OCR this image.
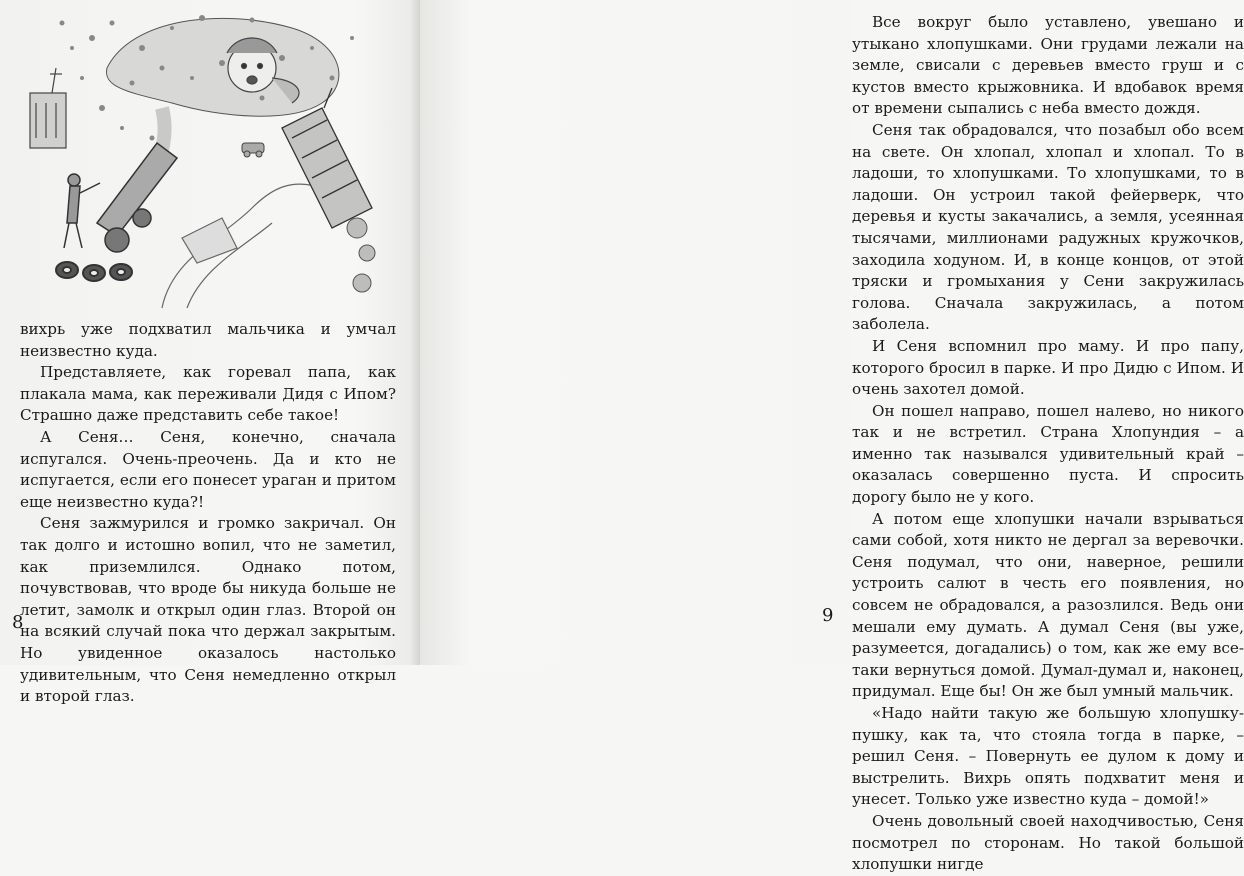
вихрь уже подхватил мальчика и умчал неизвестно куда.

Представляете, как горевал папа, как плакала мама, как переживали Дидя с Ипом? Страшно даже представить себе такое!

А Сеня… Сеня, конечно, сначала испугался. Очень-преочень. Да и кто не испугается, если его понесет ураган и притом еще неизвестно куда?!

Сеня зажмурился и громко закричал. Он так долго и истошно вопил, что не заметил, как приземлился. Однако потом, почувствовав, что вроде бы никуда больше не летит, замолк и открыл один глаз. Второй он на всякий случай пока что держал закрытым. Но увиденное оказалось настолько удивительным, что Сеня немедленно открыл и второй глаз.

8

Все вокруг было уставлено, увешано и утыкано хлопушками. Они грудами лежали на земле, свисали с деревьев вместо груш и с кустов вместо крыжовника. И вдобавок время от времени сыпались с неба вместо дождя.

Сеня так обрадовался, что позабыл обо всем на свете. Он хлопал, хлопал и хлопал. То в ладоши, то хлопушками. То хлопушками, то в ладоши. Он устроил такой фейерверк, что деревья и кусты закачались, а земля, усеянная тысячами, миллионами радужных кружочков, заходила ходуном. И, в конце концов, от этой тряски и громыхания у Сени закружилась голова. Сначала закружилась, а потом заболела.

И Сеня вспомнил про маму. И про папу, которого бросил в парке. И про Дидю с Ипом. И очень захотел домой.

Он пошел направо, пошел налево, но никого так и не встретил. Страна Хлопундия – а именно так назывался удивительный край – оказалась совершенно пуста. И спросить дорогу было не у кого.

А потом еще хлопушки начали взрываться сами собой, хотя никто не дергал за веревочки. Сеня подумал, что они, наверное, решили устроить салют в честь его появления, но совсем не обрадовался, а разозлился. Ведь они мешали ему думать. А думал Сеня (вы уже, разумеется, догадались) о том, как же ему все-таки вернуться домой. Думал-думал и, наконец, придумал. Еще бы! Он же был умный мальчик.

«Надо найти такую же большую хлопушку-пушку, как та, что стояла тогда в парке, – решил Сеня. – Повернуть ее дулом к дому и выстрелить. Вихрь опять подхватит меня и унесет. Только уже известно куда – домой!»

Очень довольный своей находчивостью, Сеня посмотрел по сторонам. Но такой большой хлопушки нигде

9
